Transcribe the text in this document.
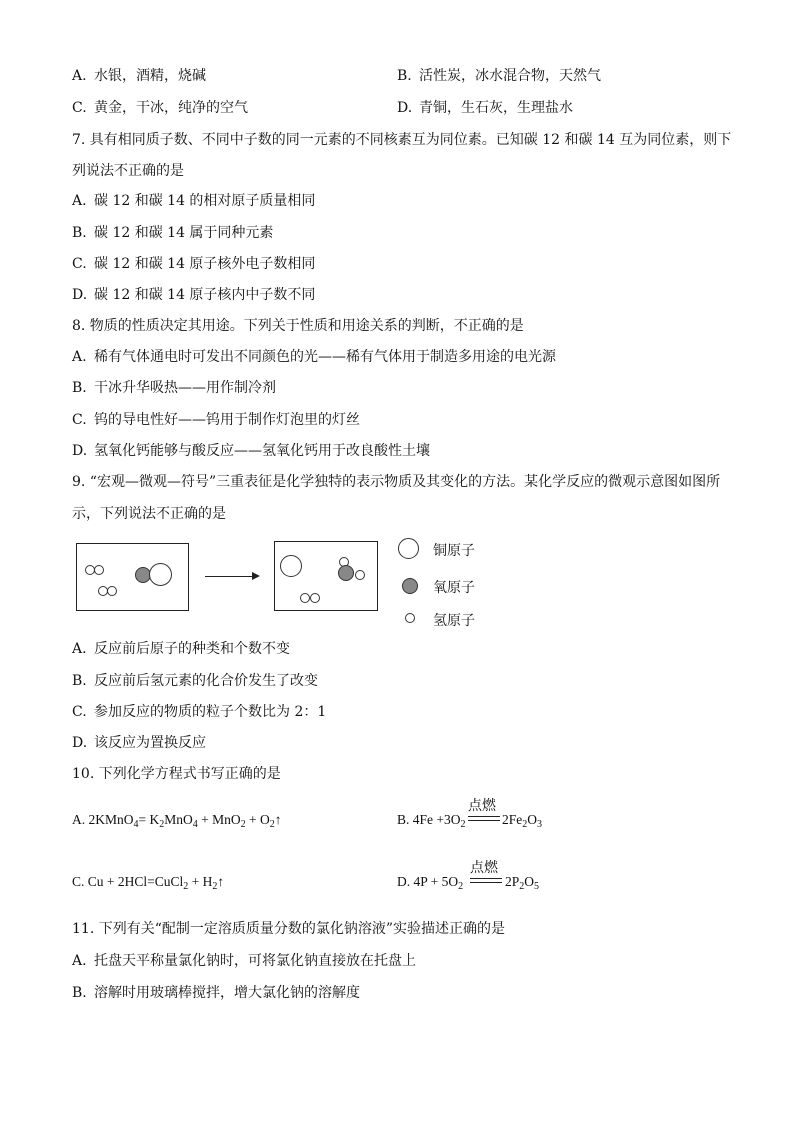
A. 水银，酒精，烧碱	B. 活性炭，冰水混合物，天然气
C. 黄金，干冰，纯净的空气	D. 青铜，生石灰，生理盐水
7. 具有相同质子数、不同中子数的同一元素的不同核素互为同位素。已知碳 12 和碳 14 互为同位素，则下
列说法不正确的是
A. 碳 12 和碳 14 的相对原子质量相同
B. 碳 12 和碳 14 属于同种元素
C. 碳 12 和碳 14 原子核外电子数相同
D. 碳 12 和碳 14 原子核内中子数不同
8. 物质的性质决定其用途。下列关于性质和用途关系的判断，不正确的是
A. 稀有气体通电时可发出不同颜色的光——稀有气体用于制造多用途的电光源
B. 干冰升华吸热——用作制冷剂
C. 钨的导电性好——钨用于制作灯泡里的灯丝
D. 氢氧化钙能够与酸反应——氢氧化钙用于改良酸性土壤
9. “宏观—微观—符号”三重表征是化学独特的表示物质及其变化的方法。某化学反应的微观示意图如图所
示，下列说法不正确的是
铜原子
氧原子
氢原子
A. 反应前后原子的种类和个数不变
B. 反应前后氢元素的化合价发生了改变
C. 参加反应的物质的粒子个数比为 2：1
D. 该反应为置换反应
10. 下列化学方程式书写正确的是
A. 2KMnO$_4$= $K_2MnO_4 + MnO_2$ + $O_2↑$	B. $4Fe +3O_2$
点燃
$2Fe_2O_3$
C. Cu + 2HCl=CuCl$_2$ + $H_2↑$	D. $4P + 5O_2$
点燃
$2P_2O_5$
11. 下列有关“配制一定溶质质量分数的氯化钠溶液”实验描述正确的是
A. 托盘天平称量氯化钠时，可将氯化钠直接放在托盘上
B. 溶解时用玻璃棒搅拌，增大氯化钠的溶解度
